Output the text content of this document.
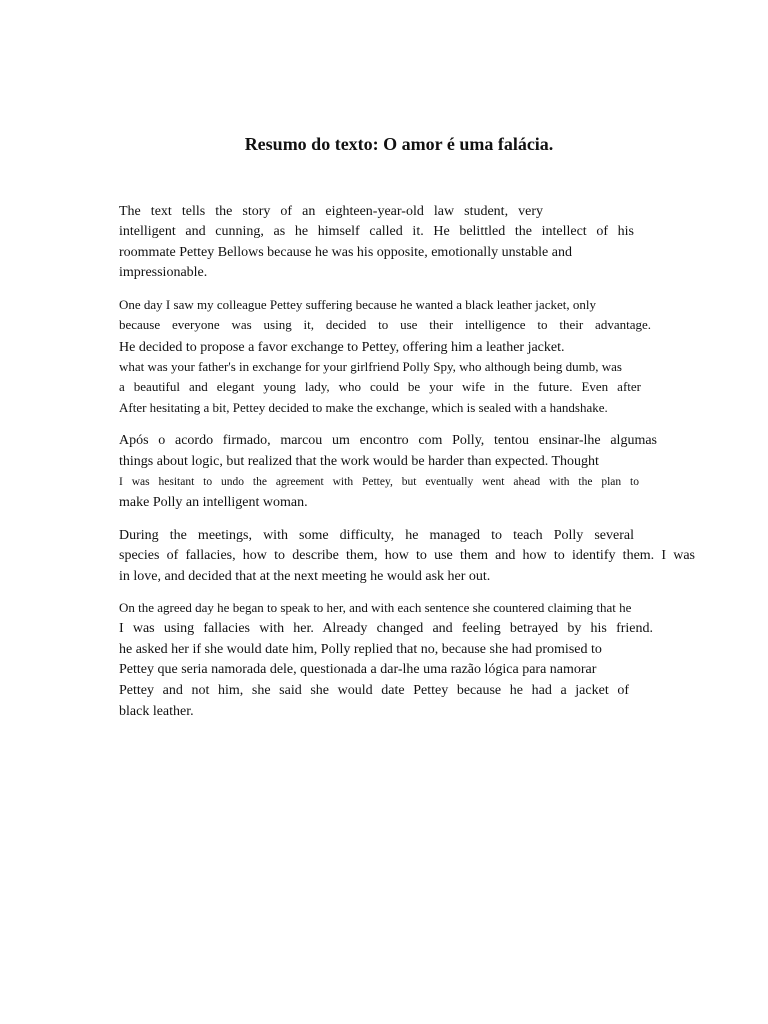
Resumo do texto: O amor é uma falácia.
The text tells the story of an eighteen-year-old law student, very
intelligent and cunning, as he himself called it. He belittled the intellect of his
roommate Pettey Bellows because he was his opposite, emotionally unstable and
impressionable.
One day I saw my colleague Pettey suffering because he wanted a black leather jacket, only
because everyone was using it, decided to use their intelligence to their advantage.
He decided to propose a favor exchange to Pettey, offering him a leather jacket.
what was your father's in exchange for your girlfriend Polly Spy, who although being dumb, was
a beautiful and elegant young lady, who could be your wife in the future. Even after
After hesitating a bit, Pettey decided to make the exchange, which is sealed with a handshake.
Após o acordo firmado, marcou um encontro com Polly, tentou ensinar-lhe algumas
things about logic, but realized that the work would be harder than expected. Thought
I was hesitant to undo the agreement with Pettey, but eventually went ahead with the plan to
make Polly an intelligent woman.
During the meetings, with some difficulty, he managed to teach Polly several
species of fallacies, how to describe them, how to use them and how to identify them. I was
in love, and decided that at the next meeting he would ask her out.
On the agreed day he began to speak to her, and with each sentence she countered claiming that he
I was using fallacies with her. Already changed and feeling betrayed by his friend.
he asked her if she would date him, Polly replied that no, because she had promised to
Pettey que seria namorada dele, questionada a dar-lhe uma razão lógica para namorar
Pettey and not him, she said she would date Pettey because he had a jacket of
black leather.
